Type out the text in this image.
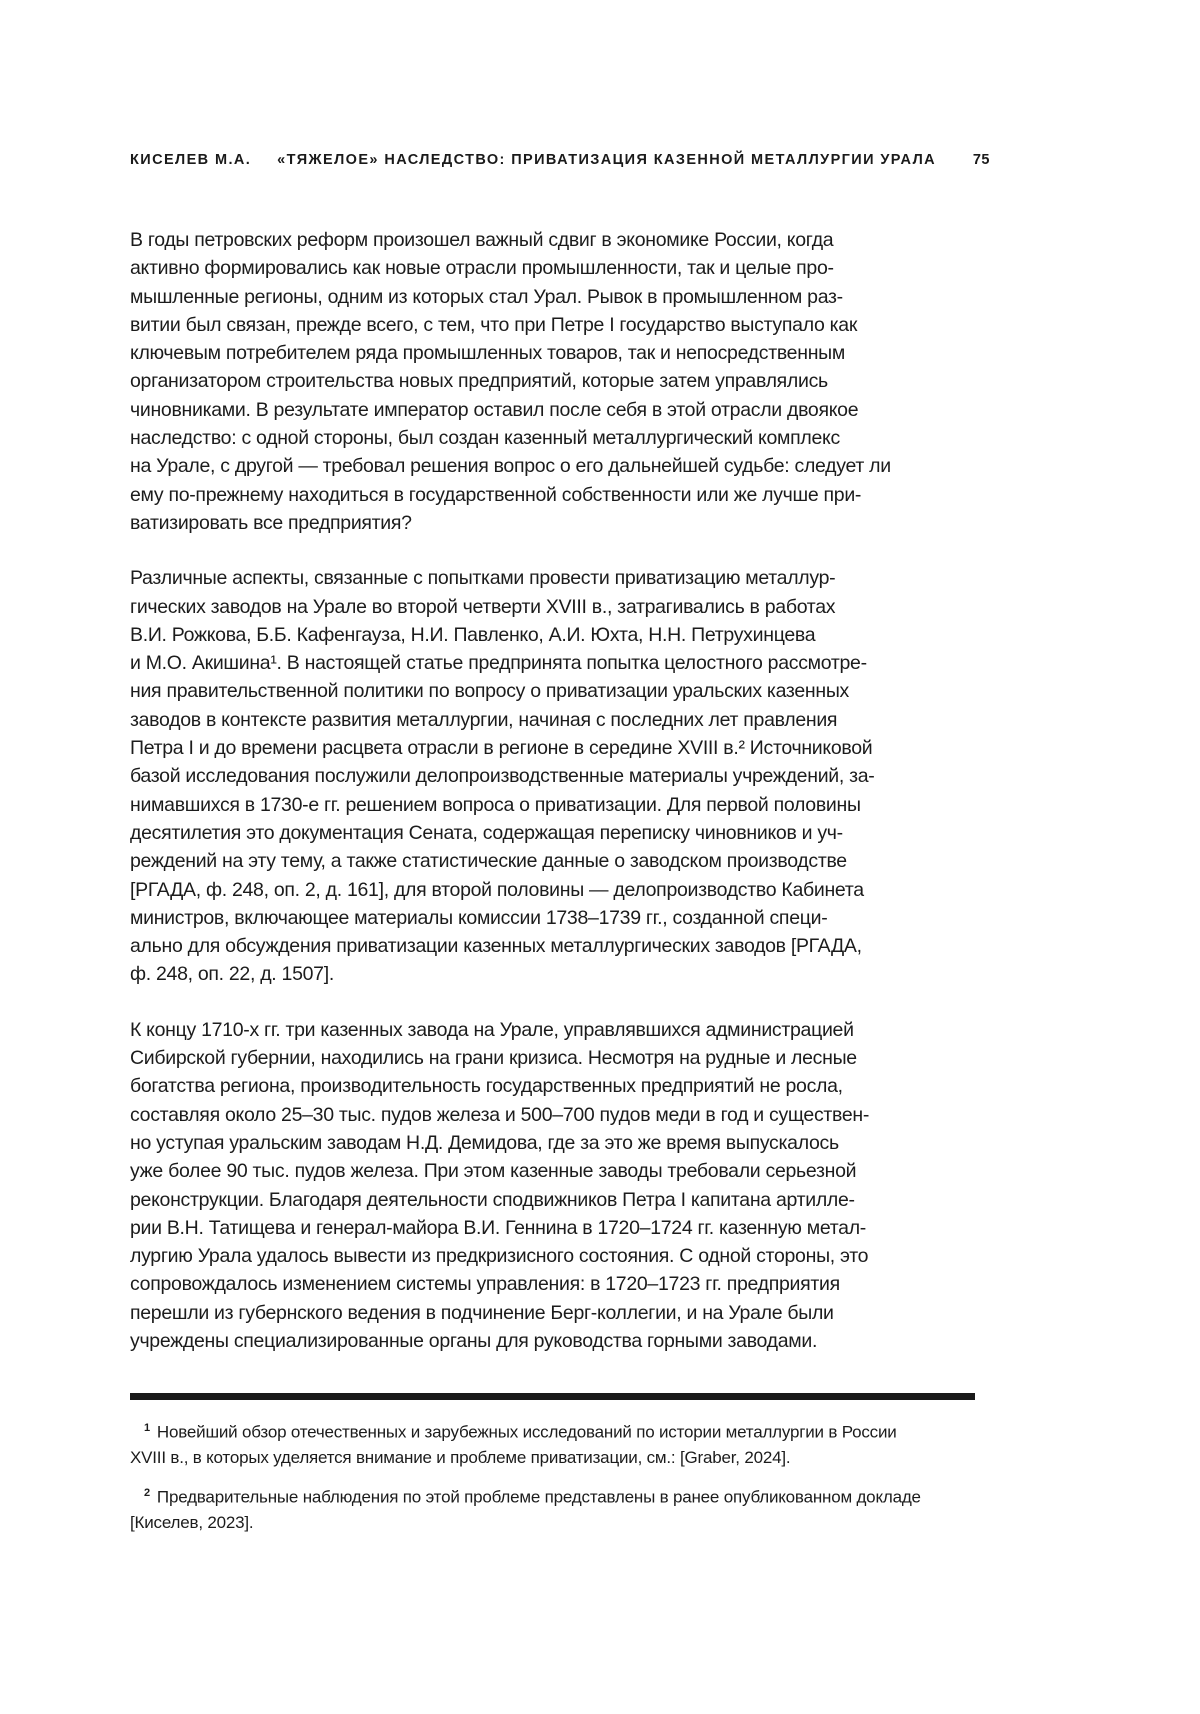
КИСЕЛЕВ М.А. «ТЯЖЕЛОЕ» НАСЛЕДСТВО: ПРИВАТИЗАЦИЯ КАЗЕННОЙ МЕТАЛЛУРГИИ УРАЛА	75
В годы петровских реформ произошел важный сдвиг в экономике России, когда
активно формировались как новые отрасли промышленности, так и целые про-
мышленные регионы, одним из которых стал Урал. Рывок в промышленном раз-
витии был связан, прежде всего, с тем, что при Петре I государство выступало как
ключевым потребителем ряда промышленных товаров, так и непосредственным
организатором строительства новых предприятий, которые затем управлялись
чиновниками. В результате император оставил после себя в этой отрасли двоякое
наследство: с одной стороны, был создан казенный металлургический комплекс
на Урале, с другой — требовал решения вопрос о его дальнейшей судьбе: следует ли
ему по-прежнему находиться в государственной собственности или же лучше при-
ватизировать все предприятия?
Различные аспекты, связанные с попытками провести приватизацию металлур-
гических заводов на Урале во второй четверти XVIII в., затрагивались в работах
В.И. Рожкова, Б.Б. Кафенгауза, Н.И. Павленко, А.И. Юхта, Н.Н. Петрухинцева
и М.О. Акишина¹. В настоящей статье предпринята попытка целостного рассмотре-
ния правительственной политики по вопросу о приватизации уральских казенных
заводов в контексте развития металлургии, начиная с последних лет правления
Петра I и до времени расцвета отрасли в регионе в середине XVIII в.² Источниковой
базой исследования послужили делопроизводственные материалы учреждений, за-
нимавшихся в 1730-е гг. решением вопроса о приватизации. Для первой половины
десятилетия это документация Сената, содержащая переписку чиновников и уч-
реждений на эту тему, а также статистические данные о заводском производстве
[РГАДА, ф. 248, оп. 2, д. 161], для второй половины — делопроизводство Кабинета
министров, включающее материалы комиссии 1738–1739 гг., созданной специ-
ально для обсуждения приватизации казенных металлургических заводов [РГАДА,
ф. 248, оп. 22, д. 1507].
К концу 1710-х гг. три казенных завода на Урале, управлявшихся администрацией
Сибирской губернии, находились на грани кризиса. Несмотря на рудные и лесные
богатства региона, производительность государственных предприятий не росла,
составляя около 25–30 тыс. пудов железа и 500–700 пудов меди в год и существен-
но уступая уральским заводам Н.Д. Демидова, где за это же время выпускалось
уже более 90 тыс. пудов железа. При этом казенные заводы требовали серьезной
реконструкции. Благодаря деятельности сподвижников Петра I капитана артилле-
рии В.Н. Татищева и генерал-майора В.И. Геннина в 1720–1724 гг. казенную метал-
лургию Урала удалось вывести из предкризисного состояния. С одной стороны, это
сопровождалось изменением системы управления: в 1720–1723 гг. предприятия
перешли из губернского ведения в подчинение Берг-коллегии, и на Урале были
учреждены специализированные органы для руководства горными заводами.
$^1$ Новейший обзор отечественных и зарубежных исследований по истории металлургии в России
XVIII в., в которых уделяется внимание и проблеме приватизации, см.: [Graber, 2024].
$^2$ Предварительные наблюдения по этой проблеме представлены в ранее опубликованном докладе
[Киселев, 2023].
